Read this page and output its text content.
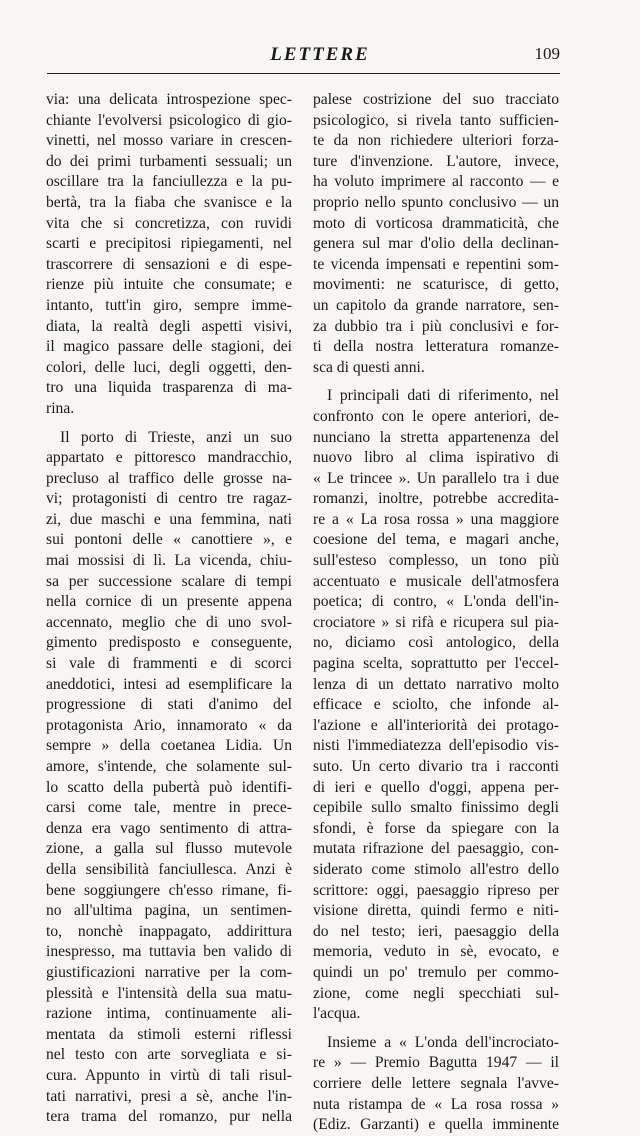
LETTERE	109
via: una delicata introspezione spec-
chiante l'evolversi psicologico di gio-
vinetti, nel mosso variare in crescen-
do dei primi turbamenti sessuali; un
oscillare tra la fanciullezza e la pu-
bertà, tra la fiaba che svanisce e la
vita che si concretizza, con ruvidi
scarti e precipitosi ripiegamenti, nel
trascorrere di sensazioni e di espe-
rienze più intuite che consumate; e
intanto, tutt'in giro, sempre imme-
diata, la realtà degli aspetti visivi,
il magico passare delle stagioni, dei
colori, delle luci, degli oggetti, den-
tro una liquida trasparenza di ma-
rina.
Il porto di Trieste, anzi un suo
appartato e pittoresco mandracchio,
precluso al traffico delle grosse na-
vi; protagonisti di centro tre ragaz-
zi, due maschi e una femmina, nati
sui pontoni delle « canottiere », e
mai mossisi di lì. La vicenda, chiu-
sa per successione scalare di tempi
nella cornice di un presente appena
accennato, meglio che di uno svol-
gimento predisposto e conseguente,
si vale di frammenti e di scorci
aneddotici, intesi ad esemplificare la
progressione di stati d'animo del
protagonista Ario, innamorato « da
sempre » della coetanea Lidia. Un
amore, s'intende, che solamente sul-
lo scatto della pubertà può identifi-
carsi come tale, mentre in prece-
denza era vago sentimento di attra-
zione, a galla sul flusso mutevole
della sensibilità fanciullesca. Anzi è
bene soggiungere ch'esso rimane, fi-
no all'ultima pagina, un sentimen-
to, nonchè inappagato, addirittura
inespresso, ma tuttavia ben valido di
giustificazioni narrative per la com-
plessità e l'intensità della sua matu-
razione intima, continuamente ali-
mentata da stimoli esterni riflessi
nel testo con arte sorvegliata e si-
cura. Appunto in virtù di tali risul-
tati narrativi, presi a sè, anche l'in-
tera trama del romanzo, pur nella
palese costrizione del suo tracciato
psicologico, si rivela tanto sufficien-
te da non richiedere ulteriori forza-
ture d'invenzione. L'autore, invece,
ha voluto imprimere al racconto — e
proprio nello spunto conclusivo — un
moto di vorticosa drammaticità, che
genera sul mar d'olio della declinan-
te vicenda impensati e repentini som-
movimenti: ne scaturisce, di getto,
un capitolo da grande narratore, sen-
za dubbio tra i più conclusivi e for-
ti della nostra letteratura romanze-
sca di questi anni.
I principali dati di riferimento, nel
confronto con le opere anteriori, de-
nunciano la stretta appartenenza del
nuovo libro al clima ispirativo di
« Le trincee ». Un parallelo tra i due
romanzi, inoltre, potrebbe accredita-
re a « La rosa rossa » una maggiore
coesione del tema, e magari anche,
sull'esteso complesso, un tono più
accentuato e musicale dell'atmosfera
poetica; di contro, « L'onda dell'in-
crociatore » si rifà e ricupera sul pia-
no, diciamo così antologico, della
pagina scelta, soprattutto per l'eccel-
lenza di un dettato narrativo molto
efficace e sciolto, che infonde al-
l'azione e all'interiorità dei protago-
nisti l'immediatezza dell'episodio vis-
suto. Un certo divario tra i racconti
di ieri e quello d'oggi, appena per-
cepibile sullo smalto finissimo degli
sfondi, è forse da spiegare con la
mutata rifrazione del paesaggio, con-
siderato come stimolo all'estro dello
scrittore: oggi, paesaggio ripreso per
visione diretta, quindi fermo e niti-
do nel testo; ieri, paesaggio della
memoria, veduto in sè, evocato, e
quindi un po' tremulo per commo-
zione, come negli specchiati sul-
l'acqua.
Insieme a « L'onda dell'incrociato-
re » — Premio Bagutta 1947 — il
corriere delle lettere segnala l'avve-
nuta ristampa de « La rosa rossa »
(Ediz. Garzanti) e quella imminente
